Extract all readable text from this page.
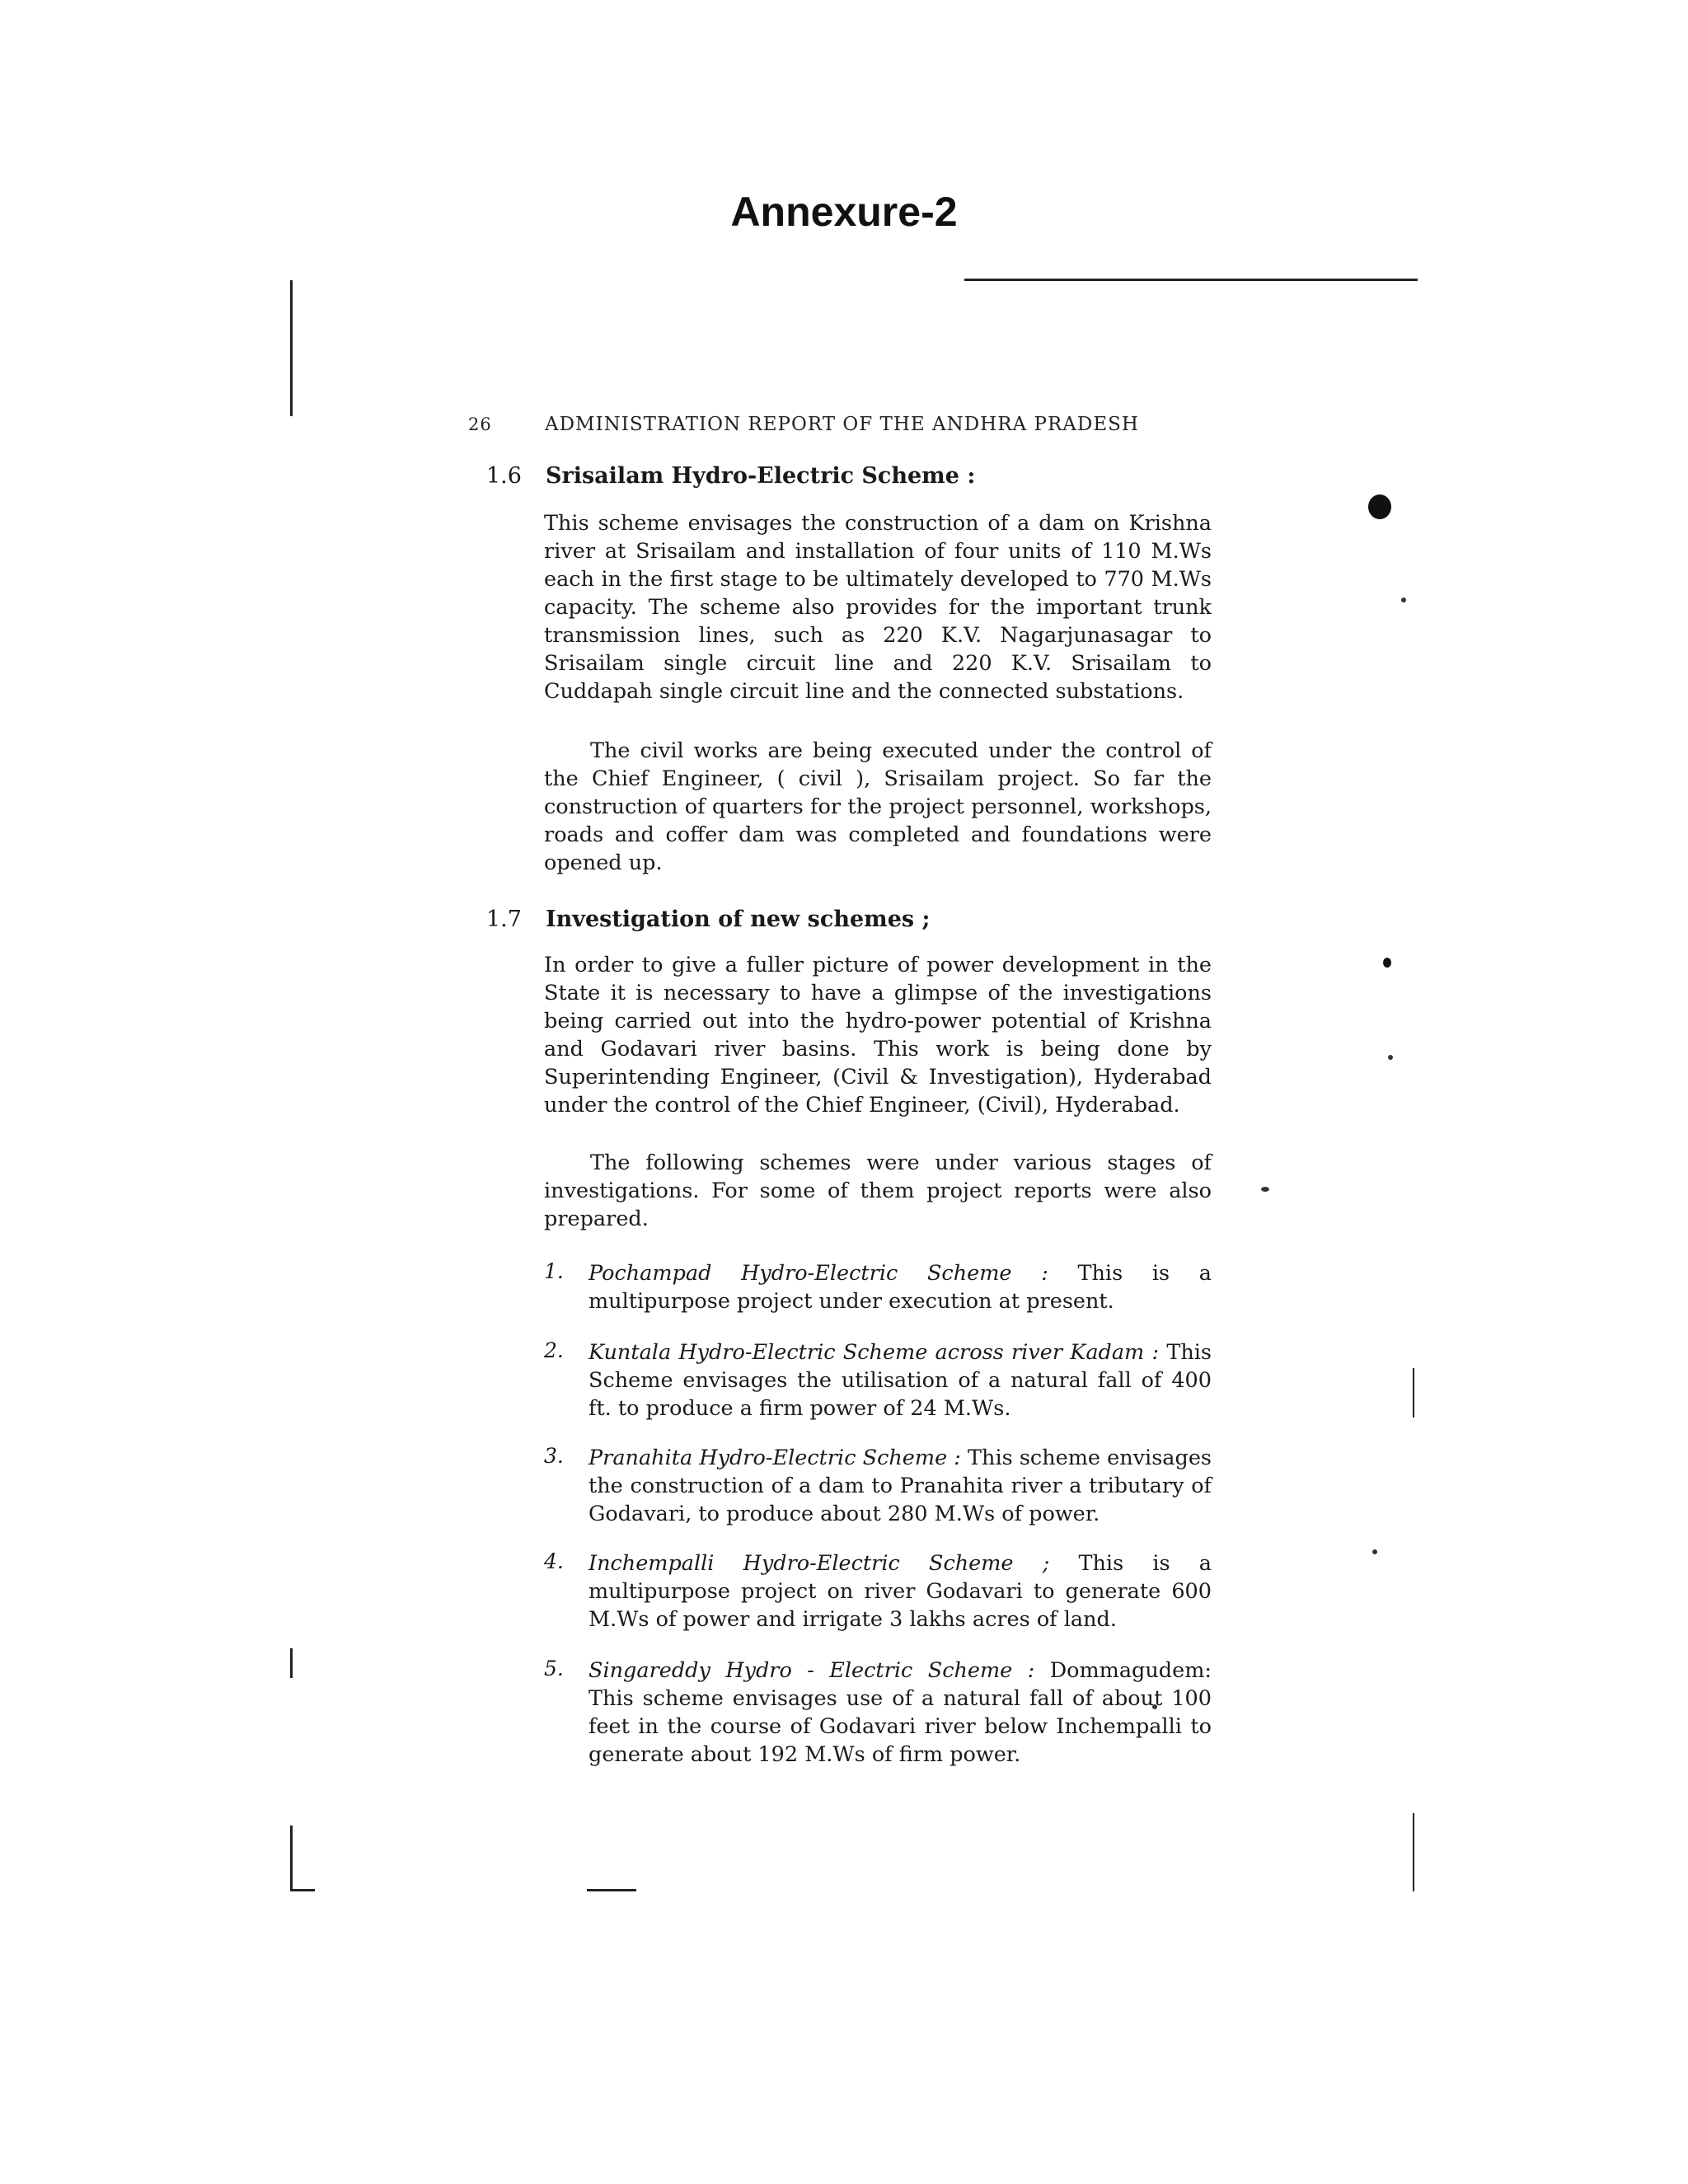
Annexure-2
26	ADMINISTRATION REPORT OF THE ANDHRA PRADESH
1.6 Srisailam Hydro-Electric Scheme :

This scheme envisages the construction of a dam on Krishna river at Srisailam and installation of four units of 110 M.Ws each in the first stage to be ultimately developed to 770 M.Ws capacity. The scheme also provides for the important trunk transmission lines, such as 220 K.V. Nagarjunasagar to Srisailam single circuit line and 220 K.V. Srisailam to Cuddapah single circuit line and the connected substations.

The civil works are being executed under the control of the Chief Engineer, ( civil ), Srisailam project. So far the construction of quarters for the project personnel, workshops, roads and coffer dam was completed and foundations were opened up.

1.7 Investigation of new schemes ;

In order to give a fuller picture of power development in the State it is necessary to have a glimpse of the investigations being carried out into the hydro-power potential of Krishna and Godavari river basins. This work is being done by Superintending Engineer, (Civil & Investigation), Hyderabad under the control of the Chief Engineer, (Civil), Hyderabad.

The following schemes were under various stages of investigations. For some of them project reports were also prepared.

1. Pochampad Hydro-Electric Scheme : This is a multipurpose project under execution at present.

2. Kuntala Hydro-Electric Scheme across river Kadam : This Scheme envisages the utilisation of a natural fall of 400 ft. to produce a firm power of 24 M.Ws.

3. Pranahita Hydro-Electric Scheme : This scheme envisages the construction of a dam to Pranahita river a tributary of Godavari, to produce about 280 M.Ws of power.

4. Inchempalli Hydro-Electric Scheme ; This is a multipurpose project on river Godavari to generate 600 M.Ws of power and irrigate 3 lakhs acres of land.

5. Singareddy Hydro - Electric Scheme : Dommagudem: This scheme envisages use of a natural fall of about 100 feet in the course of Godavari river below Inchempalli to generate about 192 M.Ws of firm power.
